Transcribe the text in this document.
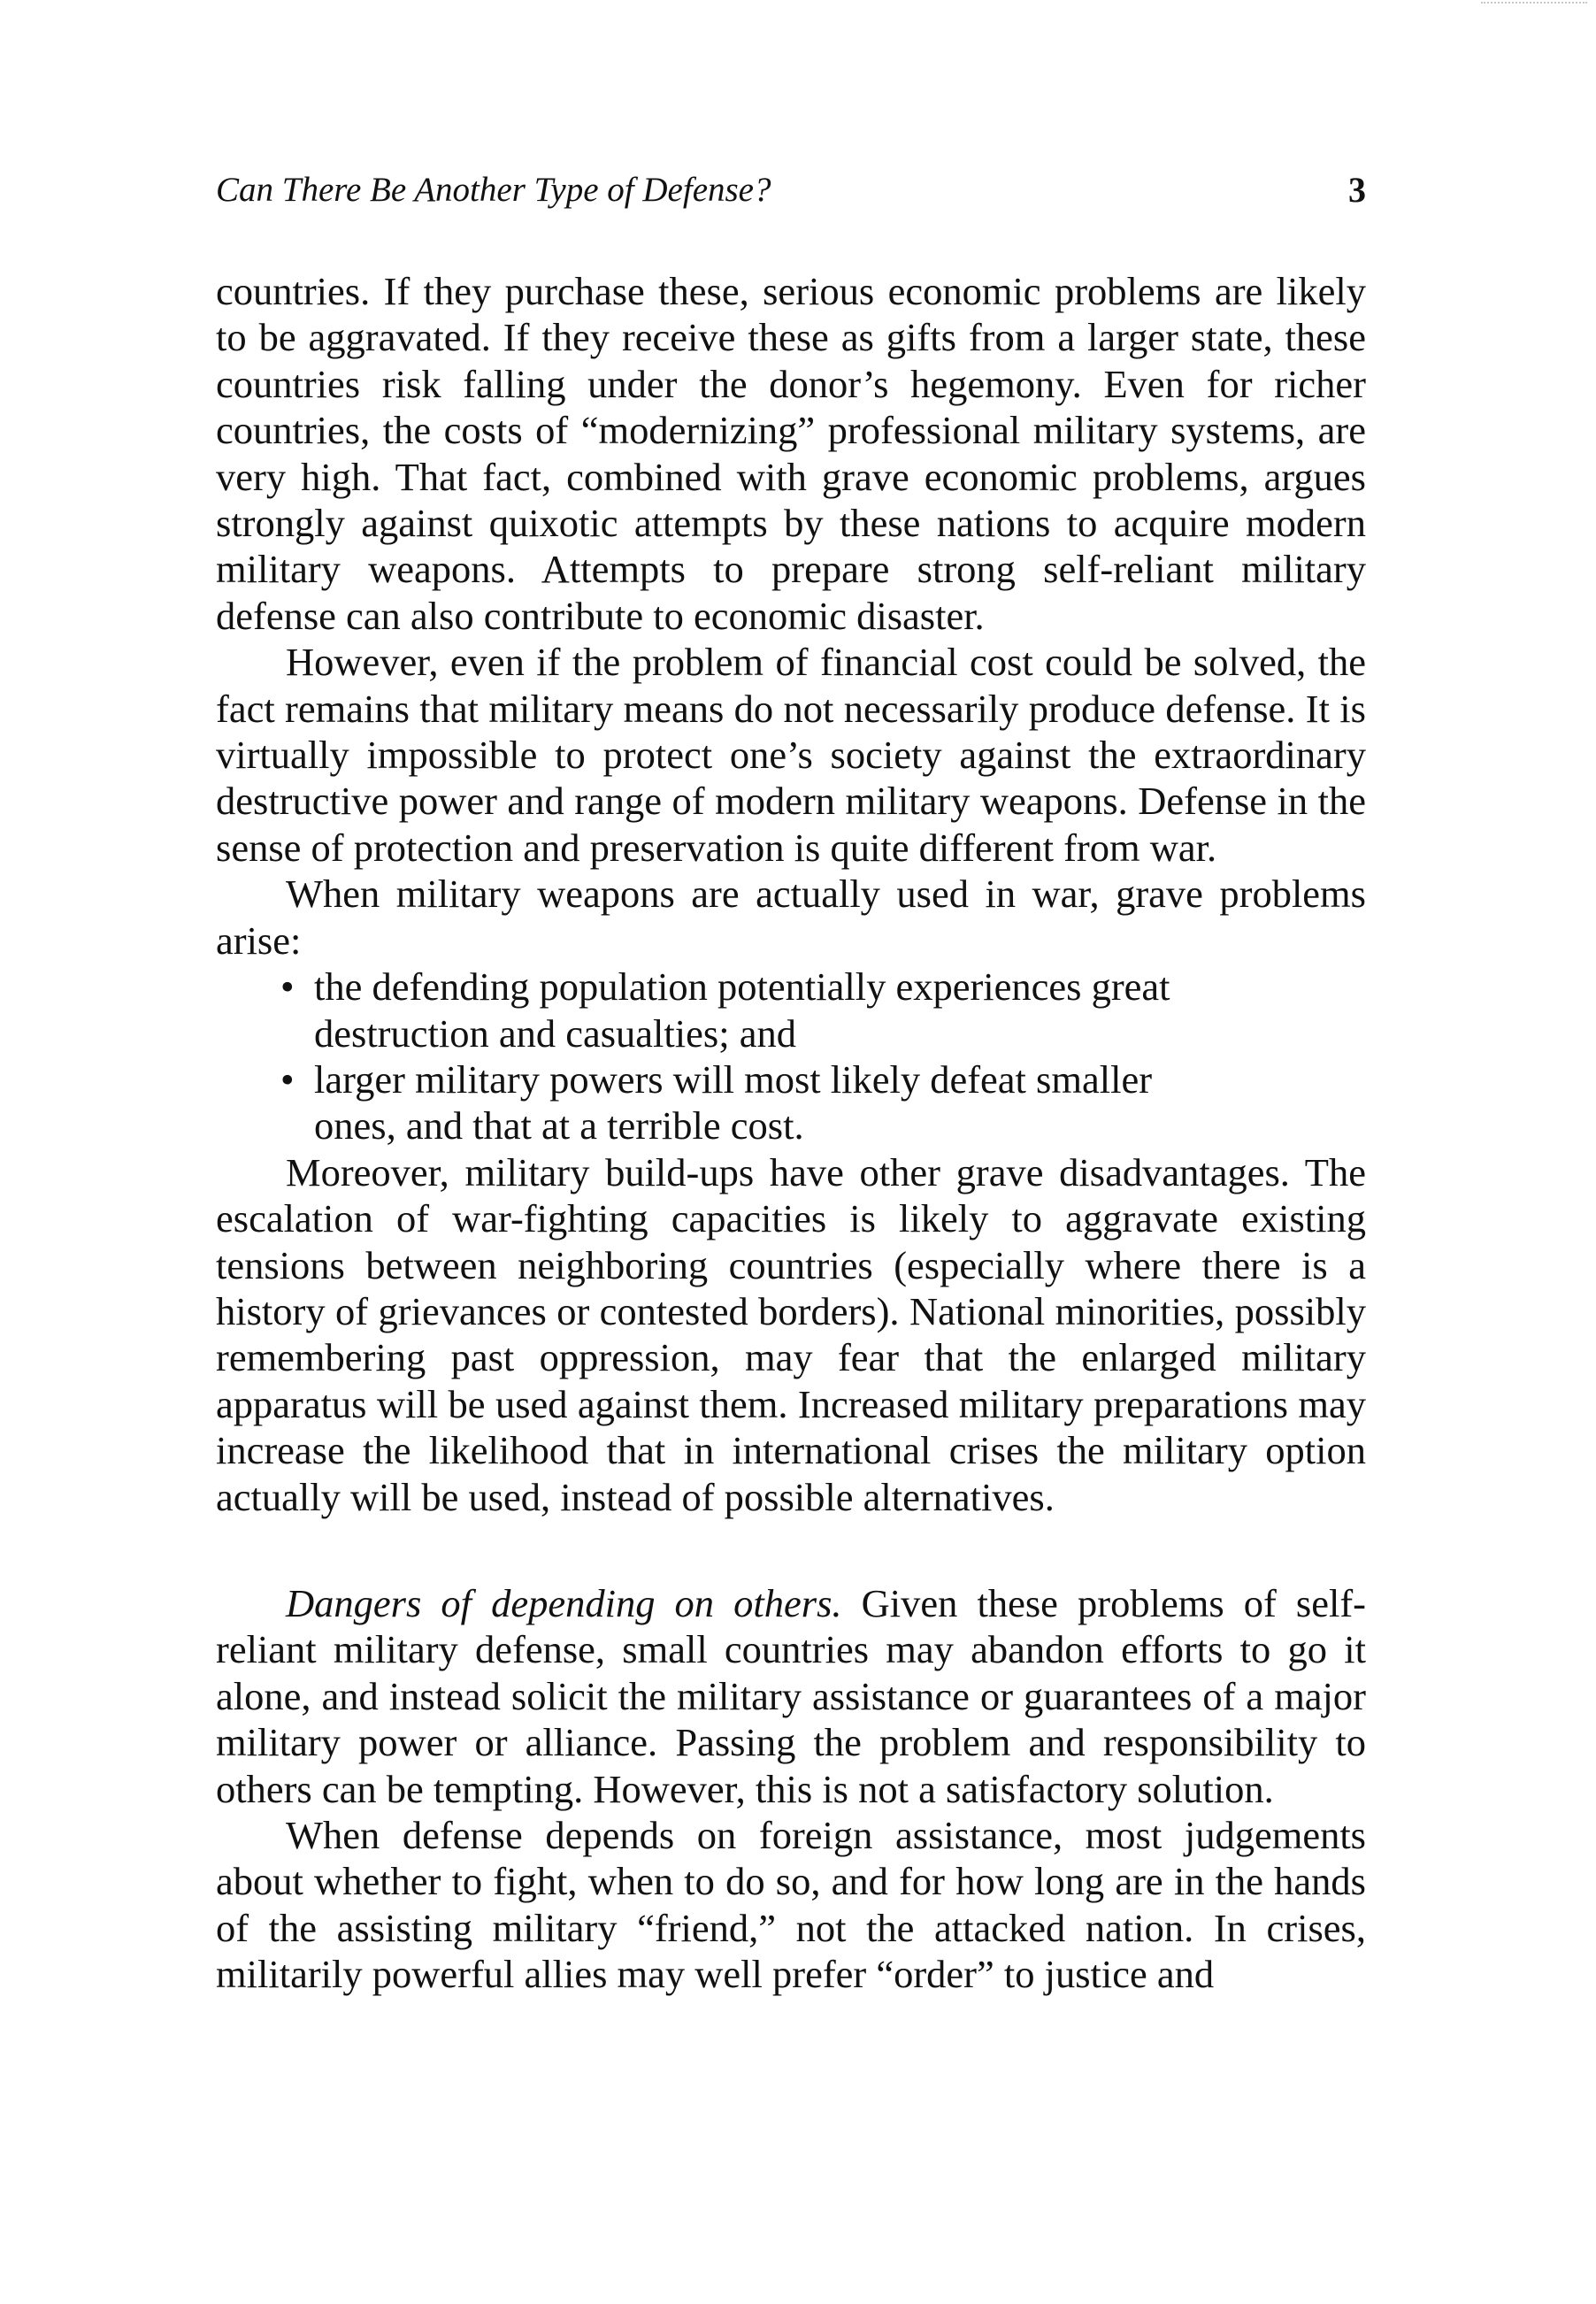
Can There Be Another Type of Defense?	3

countries. If they purchase these, serious economic problems are likely to be aggravated. If they receive these as gifts from a larger state, these countries risk falling under the donor’s hegemony. Even for richer countries, the costs of “modernizing” professional military systems, are very high. That fact, combined with grave economic problems, argues strongly against quixotic attempts by these nations to acquire modern military weapons. Attempts to prepare strong self-reliant military defense can also contribute to economic disaster.

However, even if the problem of financial cost could be solved, the fact remains that military means do not necessarily produce defense. It is virtually impossible to protect one’s society against the extraordinary destructive power and range of modern military weapons. Defense in the sense of protection and preservation is quite different from war.

When military weapons are actually used in war, grave problems arise:

• the defending population potentially experiences great destruction and casualties; and
• larger military powers will most likely defeat smaller ones, and that at a terrible cost.

Moreover, military build-ups have other grave disadvantages. The escalation of war-fighting capacities is likely to aggravate existing tensions between neighboring countries (especially where there is a history of grievances or contested borders). National minorities, possibly remembering past oppression, may fear that the enlarged military apparatus will be used against them. Increased military preparations may increase the likelihood that in international crises the military option actually will be used, instead of possible alternatives.

Dangers of depending on others. Given these problems of self-reliant military defense, small countries may abandon efforts to go it alone, and instead solicit the military assistance or guarantees of a major military power or alliance. Passing the problem and responsibility to others can be tempting. However, this is not a satisfactory solution.

When defense depends on foreign assistance, most judgements about whether to fight, when to do so, and for how long are in the hands of the assisting military “friend,” not the attacked nation. In crises, militarily powerful allies may well prefer “order” to justice and
